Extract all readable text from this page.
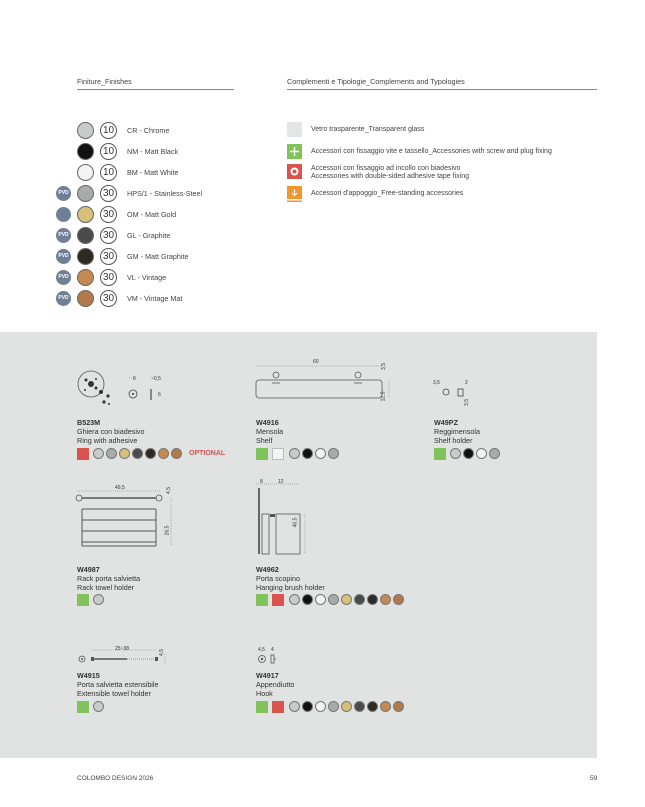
Finiture_Finishes	Complementi e Tipologie_Complements and Typologies
10	CR - Chrome
10	NM - Matt Black
10	BM - Matt White
PVD	30	HPS/1 - Stainless-Steel
30	OM - Matt Gold
PVD	30	GL - Graphite
PVD	30	GM - Matt Graphite
PVD	30	VL - Vintage
PVD	30	VM - Vintage Mat
Vetro trasparente_Transparent glass
Accessori con fissaggio vite e tassello_Accessories with screw and plug fixing
Accessori con fissaggio ad incollo con biadesivo
Accessories with double-sided adhesive tape fixing
Accessori d'appoggio_Free-standing accessories
6	~0,5
6
B523M
Ghiera con biadesivo
Ring with adhesive
OPTIONAL
60
3,5
12,5
W4916
Mensola
Shelf
3,5	2
3,5
W49PZ
Reggimensola
Shelf holder
49,5	4,5
26,5
W4987
Rack porta salvietta
Rack towel holder
8	12
46,5
W4962
Porta scopino
Hanging brush holder
25~38
4,5
W4915
Porta salvietta estensibile
Extensible towel holder
4,5 4
W4917
Appendiutto
Hook
COLOMBO DESIGN 2026	59
